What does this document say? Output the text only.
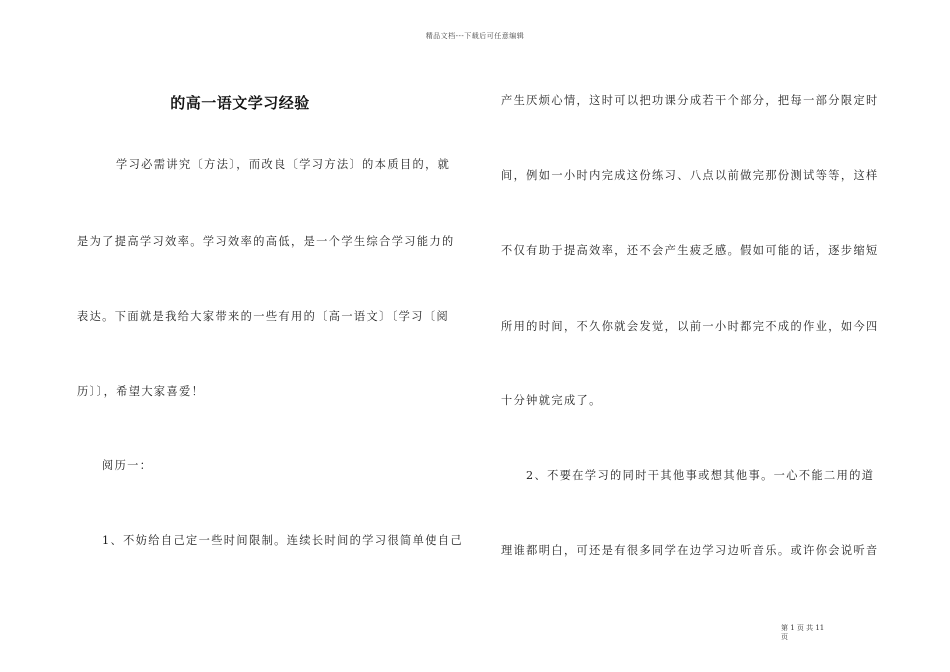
精品文档---下载后可任意编辑
的高一语文学习经验
学习必需讲究〔方法〕，而改良〔学习方法〕的本质目的，就
是为了提高学习效率。学习效率的高低，是一个学生综合学习能力的
表达。下面就是我给大家带来的一些有用的〔高一语文〕〔学习〔阅
历〕〕，希望大家喜爱！
阅历一：
1、不妨给自己定一些时间限制。连续长时间的学习很简单使自己
产生厌烦心情，这时可以把功课分成若干个部分，把每一部分限定时
间，例如一小时内完成这份练习、八点以前做完那份测试等等，这样
不仅有助于提高效率，还不会产生疲乏感。假如可能的话，逐步缩短
所用的时间，不久你就会发觉，以前一小时都完不成的作业，如今四
十分钟就完成了。
2、不要在学习的同时干其他事或想其他事。一心不能二用的道
理谁都明白，可还是有很多同学在边学习边听音乐。或许你会说听音
第 1 页 共 11
页
